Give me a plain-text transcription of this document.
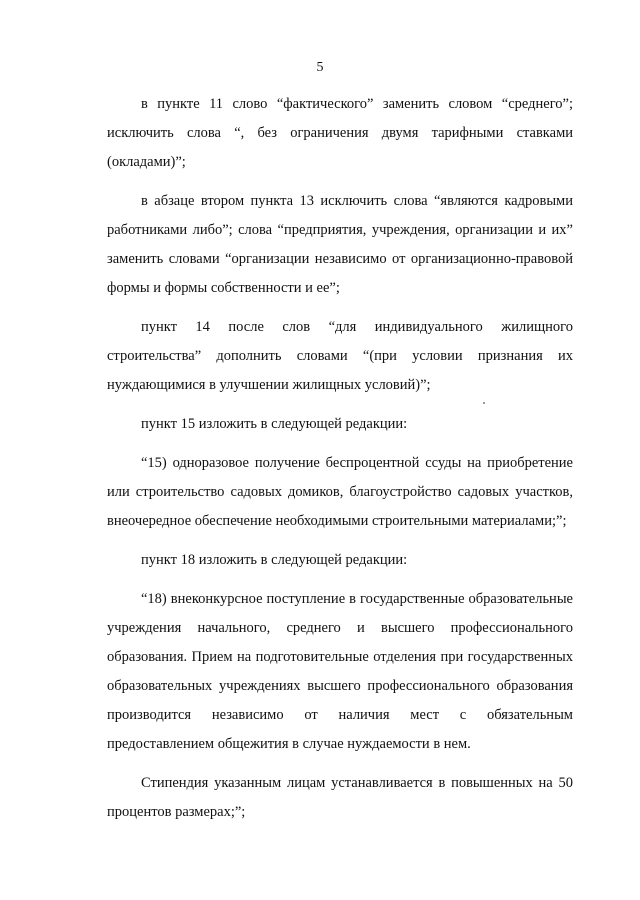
5

в пункте 11 слово “фактического” заменить словом “среднего”; исключить слова “, без ограничения двумя тарифными ставками (окладами)”;

в абзаце втором пункта 13 исключить слова “являются кадровыми работниками либо”; слова “предприятия, учреждения, организации и их” заменить словами “организации независимо от организационно-правовой формы и формы собственности и ее”;

пункт 14 после слов “для индивидуального жилищного строительства” дополнить словами “(при условии признания их нуждающимися в улучшении жилищных условий)”;

пункт 15 изложить в следующей редакции:

“15) одноразовое получение беспроцентной ссуды на приобретение или строительство садовых домиков, благоустройство садовых участков, внеочередное обеспечение необходимыми строительными материалами;”;

пункт 18 изложить в следующей редакции:

“18) внеконкурсное поступление в государственные образовательные учреждения начального, среднего и высшего профессионального образования. Прием на подготовительные отделения при государственных образовательных учреждениях высшего профессионального образования производится независимо от наличия мест с обязательным предоставлением общежития в случае нуждаемости в нем.

Стипендия указанным лицам устанавливается в повышенных на 50 процентов размерах;”;
